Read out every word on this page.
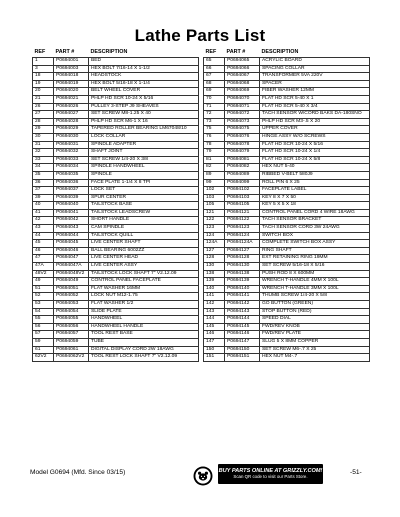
Lathe Parts List
REF	PART #	DESCRIPTION
1	P0694001	BED
3	P0694003	HEX BOLT 7/16-14 X 1-1/2
18	P0694018	HEADSTOCK
19	P0694019	HEX BOLT 5/16-18 X 1-1/4
20	P0694020	BELT WHEEL COVER
21	P0694021	PHLP HD SCR 10-24 X 5/16
26	P0694026	PULLEY 3-STEP J9 SHEAVES
27	P0694027	SET SCREW M8-1.25 X 40
28	P0694028	PHLP HD SCR M6-1 X 16
29	P0694029	TAPERED ROLLER BEARING LM67048/10
30	P0694030	LOCK COLLAR
31	P0694031	SPINDLE ADAPTER
32	P0694032	SHAFT JOINT
33	P0694033	SET SCREW 1/4-20 X 3/8
34	P0694034	SPINDLE HANDWHEEL
35	P0694035	SPINDLE
36	P0694036	FACE PLATE 1-1/4 X 8 TPI
37	P0694037	LOCK SET
39	P0694039	SPUR CENTER
40	P0694040	TAILSTOCK BASE
41	P0694041	TAILSTOCK LEADSCREW
42	P0694042	SHORT HANDLE
43	P0694043	CAM SPINDLE
44	P0694044	TAILSTOCK QUILL
45	P0694045	LIVE CENTER SHAFT
46	P0694046	BALL BEARING 6002ZZ
47	P0694047	LIVE CENTER HEAD
47A	P0694047A	LIVE CENTER ASSY
48V2	P0694048V2	TAILSTOCK LOCK SHAFT 7" V2.12.09
49	P0694049	CONTROL PANEL FACEPLATE
51	P0694051	FLAT WASHER 16MM
52	P0694052	LOCK NUT M12-1.75
53	P0694053	FLAT WASHER 1/2
54	P0694054	SLIDE PLATE
55	P0694055	HANDWHEEL
56	P0694056	HANDWHEEL HANDLE
57	P0694057	TOOL REST BASE
59	P0694059	TUBE
61	P0694061	DIGITAL DISPLAY CORD 2W 18AWG
62V2	P0694062V2	TOOL REST LOCK SHAFT 7" V2.12.09
REF	PART #	DESCRIPTION
65	P0694065	ACRYLIC BOARD
66	P0694066	SPACING COLLAR
67	P0694067	TRANSFORMER 5VA 220V
68	P0694068	SPACER
69	P0694069	FIBER WASHER 12MM
70	P0694070	FLAT HD SCR 5-40 X 1
71	P0694071	FLAT HD SCR 5-40 X 3/4
72	P0694072	TACH SENSOR W/CORD BAKS DA-180SNO
73	P0694073	PHLP HD SCR M3-.5 X 20
75	P0694075	UPPER COVER
76	P0694076	HINGE ASSY W/O SCREWS
78	P0694078	FLAT HD SCR 10-24 X 5/16
79	P0694079	FLAT HD SCR 10-24 X 1/4
81	P0694081	FLAT HD SCR 10-24 X 5/8
82	P0694082	HEX NUT 5-40
89	P0694089	RIBBED V-BELT 580J9
99	P0694099	ROLL PIN 6 X 25
102	P0694102	FACEPLATE LABEL
103	P0694103	KEY 8 X 7 X 50
105	P0694105	KEY 5 X 5 X 18
121	P0694121	CONTROL PANEL CORD 4 WIRE 18AWG
122	P0694122	TACH SENSOR BRACKET
123	P0694123	TACH SENSOR CORD 3W 24AWG
124	P0694124	SWITCH BOX
124A	P0694124A	COMPLETE SWITCH BOX ASSY
127	P0694127	RING SHAFT
128	P0694128	EXT RETAINING RING 19MM
130	P0694130	SET SCREW 5/16-18 X 5/16
138	P0694138	PUSH ROD 8 X 600MM
139	P0694139	WRENCH T-HANDLE 4MM X 100L
140	P0694140	WRENCH T-HANDLE 3MM X 100L
141	P0694141	THUMB SCREW 1/4-20 X 5/8
142	P0694142	GO BUTTON (GREEN)
143	P0694143	STOP BUTTON (RED)
144	P0694144	SPEED DIAL
145	P0694145	FWD/REV KNOB
146	P0694146	FWD/REV PLATE
147	P0694147	SLUG 5 X 8MM COPPER
150	P0694150	SET SCREW M6-.7 X 25
151	P0694151	HEX NUT M4-.7
Model G0694 (Mfd. Since 03/15)	BUY PARTS ONLINE AT GRIZZLY.COM!
Scan QR code to visit our Parts Store.
-51-
